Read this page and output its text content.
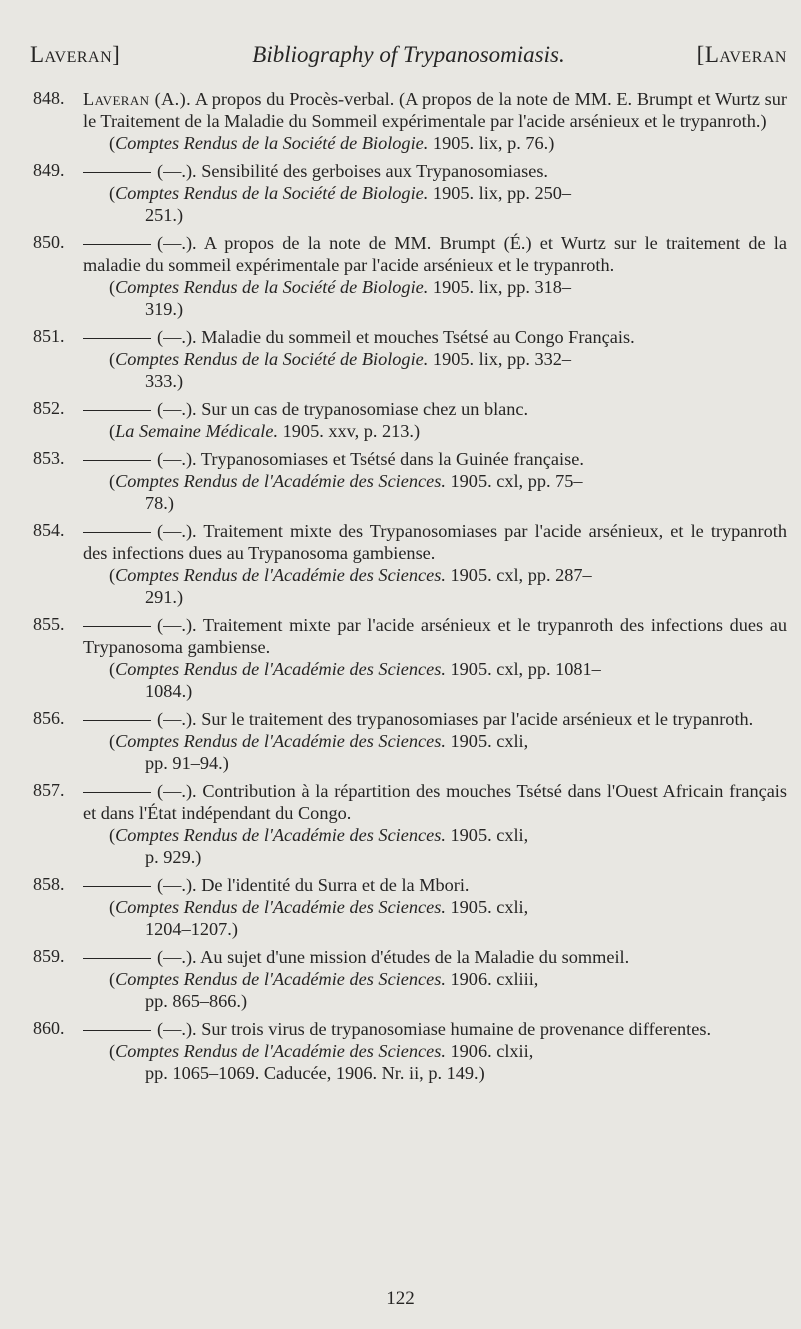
Laveran]	Bibliography of Trypanosomiasis.	[Laveran
848.	Laveran (A.). A propos du Procès-verbal. (A propos de la note de MM. E. Brumpt et Wurtz sur le Traitement de la Maladie du Sommeil expérimentale par l'acide arsénieux et le trypanroth.)
(Comptes Rendus de la Société de Biologie. 1905. lix, p. 76.)
849.	(—.). Sensibilité des gerboises aux Trypanosomiases.
(Comptes Rendus de la Société de Biologie. 1905. lix, pp. 250–
251.)
850.	(—.). A propos de la note de MM. Brumpt (É.) et Wurtz sur le traitement de la maladie du sommeil expérimentale par l'acide arsénieux et le trypanroth.
(Comptes Rendus de la Société de Biologie. 1905. lix, pp. 318–
319.)
851.	(—.). Maladie du sommeil et mouches Tsétsé au Congo Français.
(Comptes Rendus de la Société de Biologie. 1905. lix, pp. 332–
333.)
852.	(—.). Sur un cas de trypanosomiase chez un blanc.
(La Semaine Médicale. 1905. xxv, p. 213.)
853.	(—.). Trypanosomiases et Tsétsé dans la Guinée française.
(Comptes Rendus de l'Académie des Sciences. 1905. cxl, pp. 75–
78.)
854.	(—.). Traitement mixte des Trypanosomiases par l'acide arsénieux, et le trypanroth des infections dues au Trypanosoma gambiense.
(Comptes Rendus de l'Académie des Sciences. 1905. cxl, pp. 287–
291.)
855.	(—.). Traitement mixte par l'acide arsénieux et le trypanroth des infections dues au Trypanosoma gambiense.
(Comptes Rendus de l'Académie des Sciences. 1905. cxl, pp. 1081–
1084.)
856.	(—.). Sur le traitement des trypanosomiases par l'acide arsénieux et le trypanroth.
(Comptes Rendus de l'Académie des Sciences. 1905. cxli,
pp. 91–94.)
857.	(—.). Contribution à la répartition des mouches Tsétsé dans l'Ouest Africain français et dans l'État indépendant du Congo.
(Comptes Rendus de l'Académie des Sciences. 1905. cxli,
p. 929.)
858.	(—.). De l'identité du Surra et de la Mbori.
(Comptes Rendus de l'Académie des Sciences. 1905. cxli,
1204–1207.)
859.	(—.). Au sujet d'une mission d'études de la Maladie du sommeil.
(Comptes Rendus de l'Académie des Sciences. 1906. cxliii,
pp. 865–866.)
860.	(—.). Sur trois virus de trypanosomiase humaine de provenance differentes.
(Comptes Rendus de l'Académie des Sciences. 1906. clxii,
pp. 1065–1069. Caducée, 1906. Nr. ii, p. 149.)
122
